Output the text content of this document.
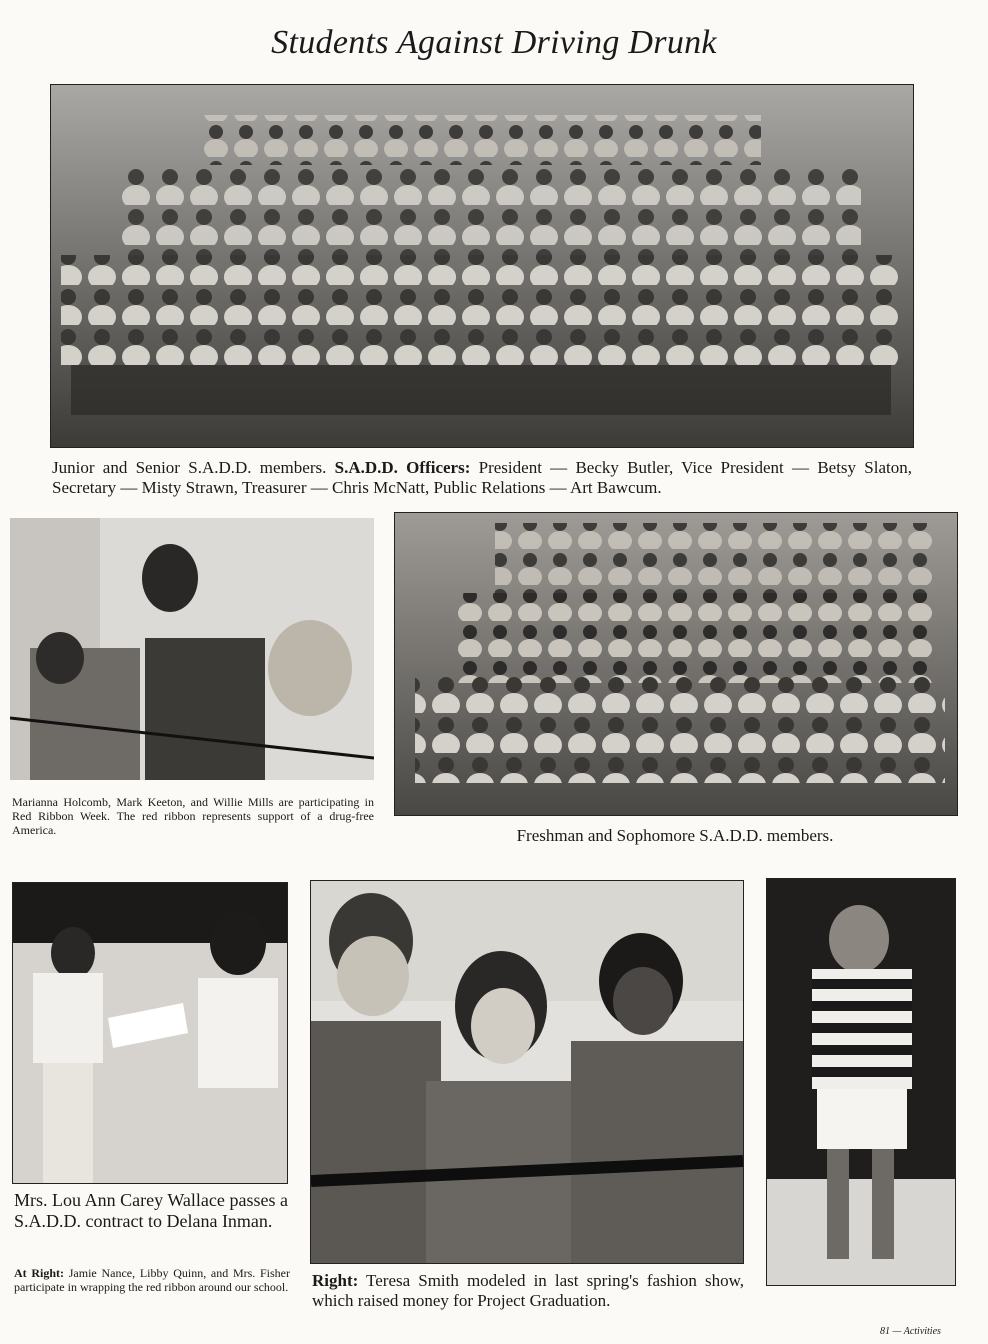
Students Against Driving Drunk
Junior and Senior S.A.D.D. members. S.A.D.D. Officers: President — Becky Butler, Vice President — Betsy Slaton, Secretary — Misty Strawn, Treasurer — Chris McNatt, Public Relations — Art Bawcum.
Marianna Holcomb, Mark Keeton, and Willie Mills are participating in Red Ribbon Week. The red ribbon represents support of a drug-free America.	Freshman and Sophomore S.A.D.D. members.
Mrs. Lou Ann Carey Wallace passes a S.A.D.D. contract to Delana Inman.
At Right: Jamie Nance, Libby Quinn, and Mrs. Fisher participate in wrapping the red ribbon around our school. Right: Teresa Smith modeled in last spring's fashion show, which raised money for Project Graduation.
81 — Activities
